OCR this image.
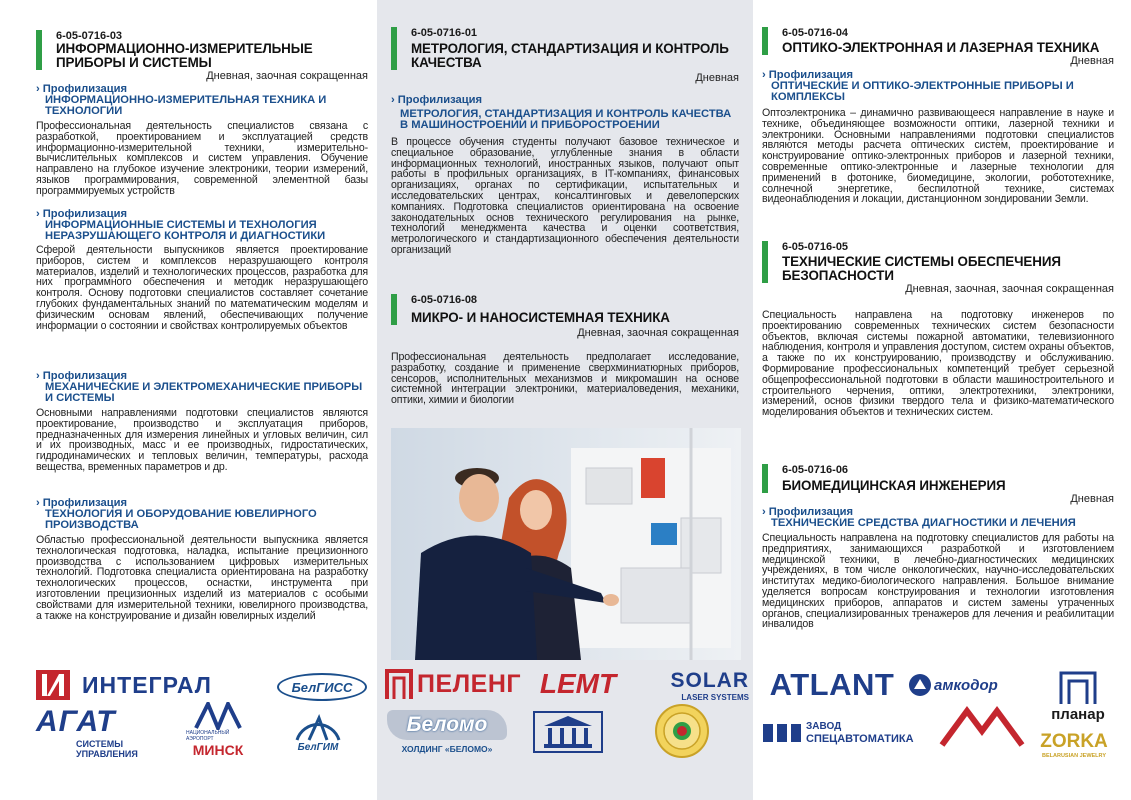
6-05-0716-03
ИНФОРМАЦИОННО-ИЗМЕРИТЕЛЬНЫЕ ПРИБОРЫ И СИСТЕМЫ
Дневная, заочная сокращенная
› Профилизация
ИНФОРМАЦИОННО-ИЗМЕРИТЕЛЬНАЯ ТЕХНИКА И ТЕХНОЛОГИИ
Профессиональная деятельность специалистов связана с разработкой, проектированием и эксплуатацией средств информационно-измерительной техники, измерительно-вычислительных комплексов и систем управления. Обучение направлено на глубокое изучение электроники, теории измерений, языков программирования, современной элементной базы программируемых устройств
› Профилизация
ИНФОРМАЦИОННЫЕ СИСТЕМЫ И ТЕХНОЛОГИЯ НЕРАЗРУШАЮЩЕГО КОНТРОЛЯ И ДИАГНОСТИКИ
Сферой деятельности выпускников является проектирование приборов, систем и комплексов неразрушающего контроля материалов, изделий и технологических процессов, разработка для них программного обеспечения и методик неразрушающего контроля. Основу подготовки специалистов составляет сочетание глубоких фундаментальных знаний по математическим моделям и физическим основам явлений, обеспечивающих получение информации о состоянии и свойствах контролируемых объектов
› Профилизация
МЕХАНИЧЕСКИЕ И ЭЛЕКТРОМЕХАНИЧЕСКИЕ ПРИБОРЫ И СИСТЕМЫ
Основными направлениями подготовки специалистов являются проектирование, производство и эксплуатация приборов, предназначенных для измерения линейных и угловых величин, сил и их производных, масс и ее производных, гидростатических, гидродинамических и тепловых величин, температуры, расхода вещества, временных параметров и др.
› Профилизация
ТЕХНОЛОГИЯ И ОБОРУДОВАНИЕ ЮВЕЛИРНОГО ПРОИЗВОДСТВА
Областью профессиональной деятельности выпускника является технологическая подготовка, наладка, испытание прецизионного производства с использованием цифровых измерительных технологий. Подготовка специалиста ориентирована на разработку технологических процессов, оснастки, инструмента при изготовлении прецизионных изделий из материалов с особыми свойствами для измерительной техники, ювелирного производства, а также на конструирование и дизайн ювелирных изделий
6-05-0716-01
МЕТРОЛОГИЯ, СТАНДАРТИЗАЦИЯ И КОНТРОЛЬ КАЧЕСТВА
Дневная
› Профилизация
МЕТРОЛОГИЯ, СТАНДАРТИЗАЦИЯ И КОНТРОЛЬ КАЧЕСТВА В МАШИНОСТРОЕНИИ И ПРИБОРОСТРОЕНИИ
В процессе обучения студенты получают базовое техническое и специальное образование, углубленные знания в области информационных технологий, иностранных языков, получают опыт работы в профильных организациях, в IT-компаниях, финансовых организациях, органах по сертификации, испытательных и исследовательских центрах, консалтинговых и девелоперских компаниях. Подготовка специалистов ориентирована на освоение законодательных основ технического регулирования на рынке, технологий менеджмента качества и оценки соответствия, метрологического и стандартизационного обеспечения деятельности организаций
6-05-0716-08
МИКРО- И НАНОСИСТЕМНАЯ ТЕХНИКА
Дневная, заочная сокращенная
Профессиональная деятельность предполагает исследование, разработку, создание и применение сверхминиатюрных приборов, сенсоров, исполнительных механизмов и микромашин на основе системной интеграции электроники, материаловедения, механики, оптики, химии и биологии
6-05-0716-04
ОПТИКО-ЭЛЕКТРОННАЯ И ЛАЗЕРНАЯ ТЕХНИКА
Дневная
› Профилизация
ОПТИЧЕСКИЕ И ОПТИКО-ЭЛЕКТРОННЫЕ ПРИБОРЫ И КОМПЛЕКСЫ
Оптоэлектроника – динамично развивающееся направление в науке и технике, объединяющее возможности оптики, лазерной техники и электроники. Основными направлениями подготовки специалистов являются методы расчета оптических систем, проектирование и конструирование оптико-электронных приборов и лазерной техники, современные оптико-электронные и лазерные технологии для применений в фотонике, биомедицине, экологии, робототехнике, солнечной энергетике, беспилотной технике, системах видеонаблюдения и локации, дистанционном зондировании Земли.
6-05-0716-05
ТЕХНИЧЕСКИЕ СИСТЕМЫ ОБЕСПЕЧЕНИЯ БЕЗОПАСНОСТИ
Дневная, заочная, заочная сокращенная
Специальность направлена на подготовку инженеров по проектированию современных технических систем безопасности объектов, включая системы пожарной автоматики, телевизионного наблюдения, контроля и управления доступом, систем охраны объектов, а также по их конструированию, производству и обслуживанию. Формирование профессиональных компетенций требует серьезной общепрофессиональной подготовки в области машиностроительного и строительного черчения, оптики, электротехники, электроники, измерений, основ физики твердого тела и физико-математического моделирования объектов и технических систем.
6-05-0716-06
БИОМЕДИЦИНСКАЯ ИНЖЕНЕРИЯ
Дневная
› Профилизация
ТЕХНИЧЕСКИЕ СРЕДСТВА ДИАГНОСТИКИ И ЛЕЧЕНИЯ
Специальность направлена на подготовку специалистов для работы на предприятиях, занимающихся разработкой и изготовлением медицинской техники, в лечебно-диагностических медицинских учреждениях, в том числе онкологических, научно-исследовательских институтах медико-биологического направления. Большое внимание уделяется вопросам конструирования и технологии изготовления медицинских приборов, аппаратов и систем замены утраченных органов, специализированных тренажеров для лечения и реабилитации инвалидов
ИНТЕГРАЛ	БелГИСС
АГАТ
СИСТЕМЫ УПРАВЛЕНИЯ
НАЦИОНАЛЬНЫЙ АЭРОПОРТ
МИНСК	БелГИМ
ПЕЛЕНГ LEMT	SOLAR
LASER SYSTEMS
Беломо
ХОЛДИНГ «БЕЛОМО»
ATLANT	амкодор
планар
ЗАВОД
СПЕЦАВТОМАТИКА	ZORKA
BELARUSIAN JEWELRY
